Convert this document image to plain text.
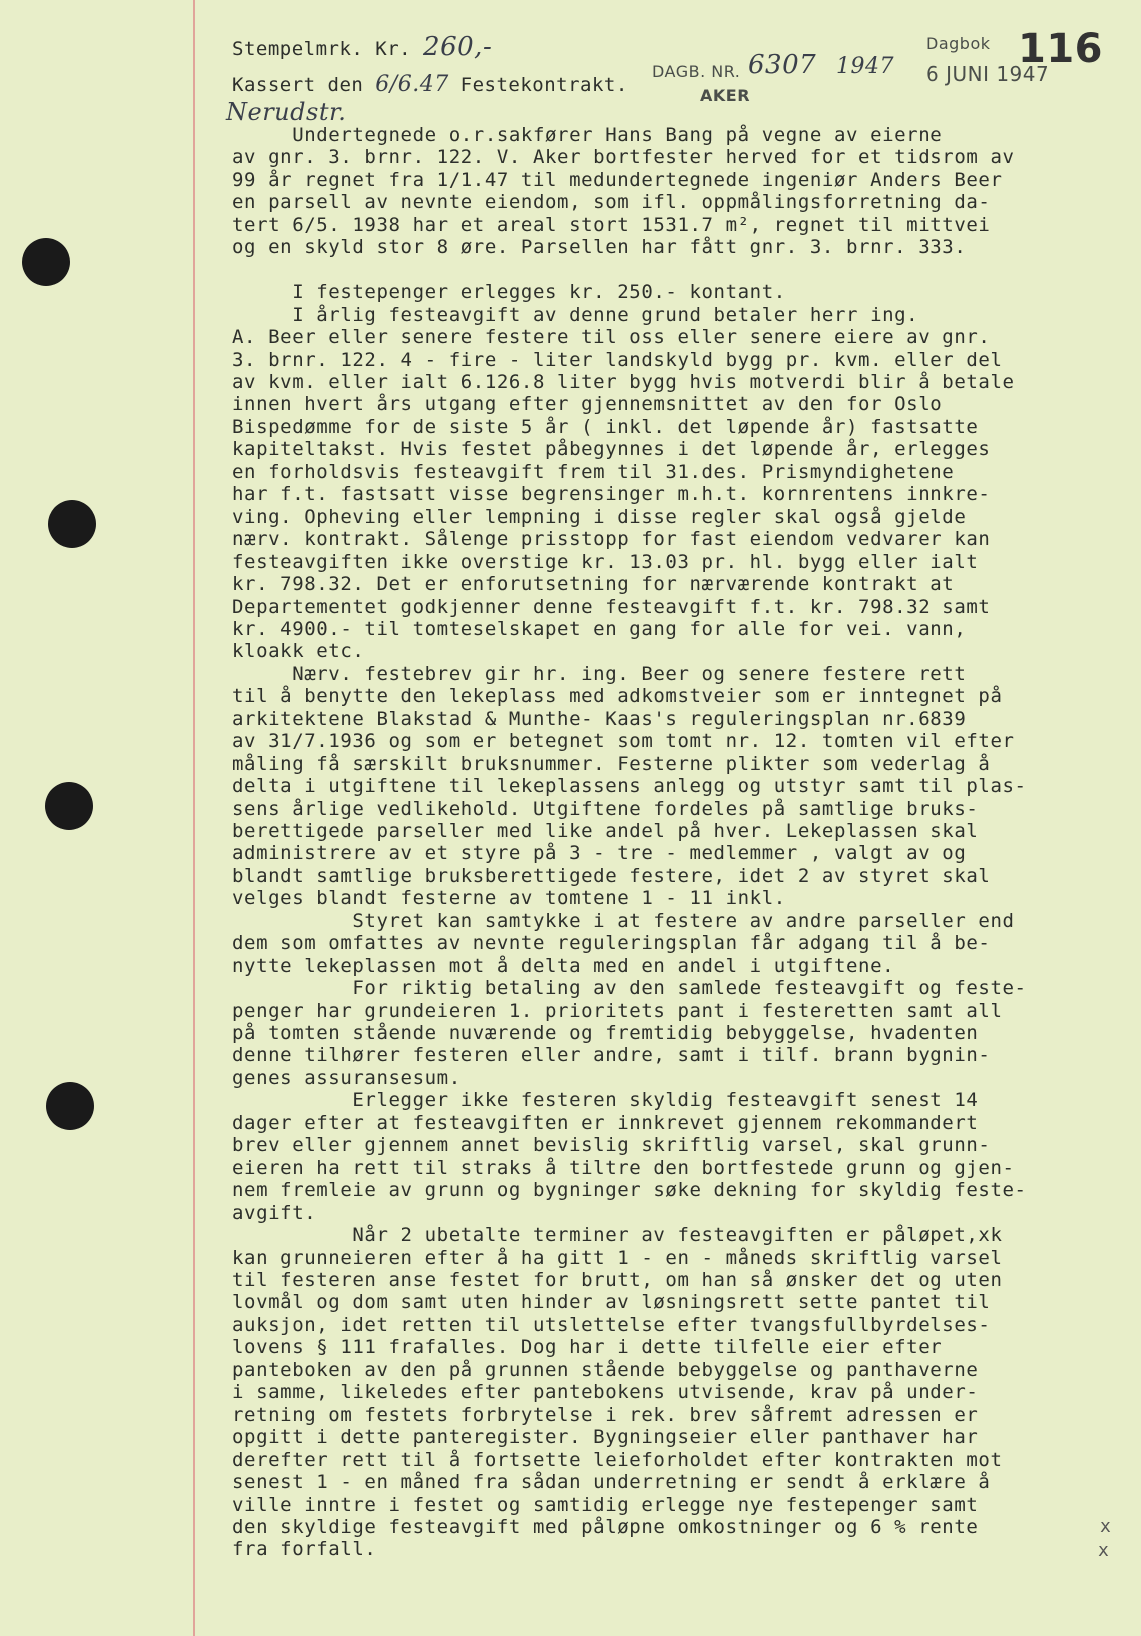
Stempelmrk. Kr. 260,-
Kassert den 6/6.47 Festekontrakt.
Nerudstr.
DAGB. NR. 6307 1947
AKER
Dagbok
6 JUNI 1947
116
Undertegnede o.r.sakfører Hans Bang på vegne av eierne
av gnr. 3. brnr. 122. V. Aker bortfester herved for et tidsrom av
99 år regnet fra 1/1.47 til medundertegnede ingeniør Anders Beer
en parsell av nevnte eiendom, som ifl. oppmålingsforretning da-
tert 6/5. 1938 har et areal stort 1531.7 m², regnet til mittvei
og en skyld stor 8 øre. Parsellen har fått gnr. 3. brnr. 333.
I festepenger erlegges kr. 250.- kontant.
I årlig festeavgift av denne grund betaler herr ing.
A. Beer eller senere festere til oss eller senere eiere av gnr.
3. brnr. 122. 4 - fire - liter landskyld bygg pr. kvm. eller del
av kvm. eller ialt 6.126.8 liter bygg hvis motverdi blir å betale
innen hvert års utgang efter gjennemsnittet av den for Oslo
Bispedømme for de siste 5 år ( inkl. det løpende år) fastsatte
kapiteltakst. Hvis festet påbegynnes i det løpende år, erlegges
en forholdsvis festeavgift frem til 31.des. Prismyndighetene
har f.t. fastsatt visse begrensinger m.h.t. kornrentens innkre-
ving. Opheving eller lempning i disse regler skal også gjelde
nærv. kontrakt. Sålenge prisstopp for fast eiendom vedvarer kan
festeavgiften ikke overstige kr. 13.03 pr. hl. bygg eller ialt
kr. 798.32. Det er enforutsetning for nærværende kontrakt at
Departementet godkjenner denne festeavgift f.t. kr. 798.32 samt
kr. 4900.- til tomteselskapet en gang for alle for vei. vann,
kloakk etc.
Nærv. festebrev gir hr. ing. Beer og senere festere rett
til å benytte den lekeplass med adkomstveier som er inntegnet på
arkitektene Blakstad & Munthe- Kaas's reguleringsplan nr.6839
av 31/7.1936 og som er betegnet som tomt nr. 12. tomten vil efter
måling få særskilt bruksnummer. Festerne plikter som vederlag å
delta i utgiftene til lekeplassens anlegg og utstyr samt til plas-
sens årlige vedlikehold. Utgiftene fordeles på samtlige bruks-
berettigede parseller med like andel på hver. Lekeplassen skal
administrere av et styre på 3 - tre - medlemmer , valgt av og
blandt samtlige bruksberettigede festere, idet 2 av styret skal
velges blandt festerne av tomtene 1 - 11 inkl.
Styret kan samtykke i at festere av andre parseller end
dem som omfattes av nevnte reguleringsplan får adgang til å be-
nytte lekeplassen mot å delta med en andel i utgiftene.
For riktig betaling av den samlede festeavgift og feste-
penger har grundeieren 1. prioritets pant i festeretten samt all
på tomten stående nuværende og fremtidig bebyggelse, hvadenten
denne tilhører festeren eller andre, samt i tilf. brann bygnin-
genes assuransesum.
Erlegger ikke festeren skyldig festeavgift senest 14
dager efter at festeavgiften er innkrevet gjennem rekommandert
brev eller gjennem annet bevislig skriftlig varsel, skal grunn-
eieren ha rett til straks å tiltre den bortfestede grunn og gjen-
nem fremleie av grunn og bygninger søke dekning for skyldig feste-
avgift.
Når 2 ubetalte terminer av festeavgiften er påløpet,xk
kan grunneieren efter å ha gitt 1 - en - måneds skriftlig varsel
til festeren anse festet for brutt, om han så ønsker det og uten
lovmål og dom samt uten hinder av løsningsrett sette pantet til
auksjon, idet retten til utslettelse efter tvangsfullbyrdelses-
lovens § 111 frafalles. Dog har i dette tilfelle eier efter
panteboken av den på grunnen stående bebyggelse og panthaverne
i samme, likeledes efter pantebokens utvisende, krav på under-
retning om festets forbrytelse i rek. brev såfremt adressen er
opgitt i dette panteregister. Bygningseier eller panthaver har
derefter rett til å fortsette leieforholdet efter kontrakten mot
senest 1 - en måned fra sådan underretning er sendt å erklære å
ville inntre i festet og samtidig erlegge nye festepenger samt
den skyldige festeavgift med påløpne omkostninger og 6 % rente
fra forfall.
x
x
